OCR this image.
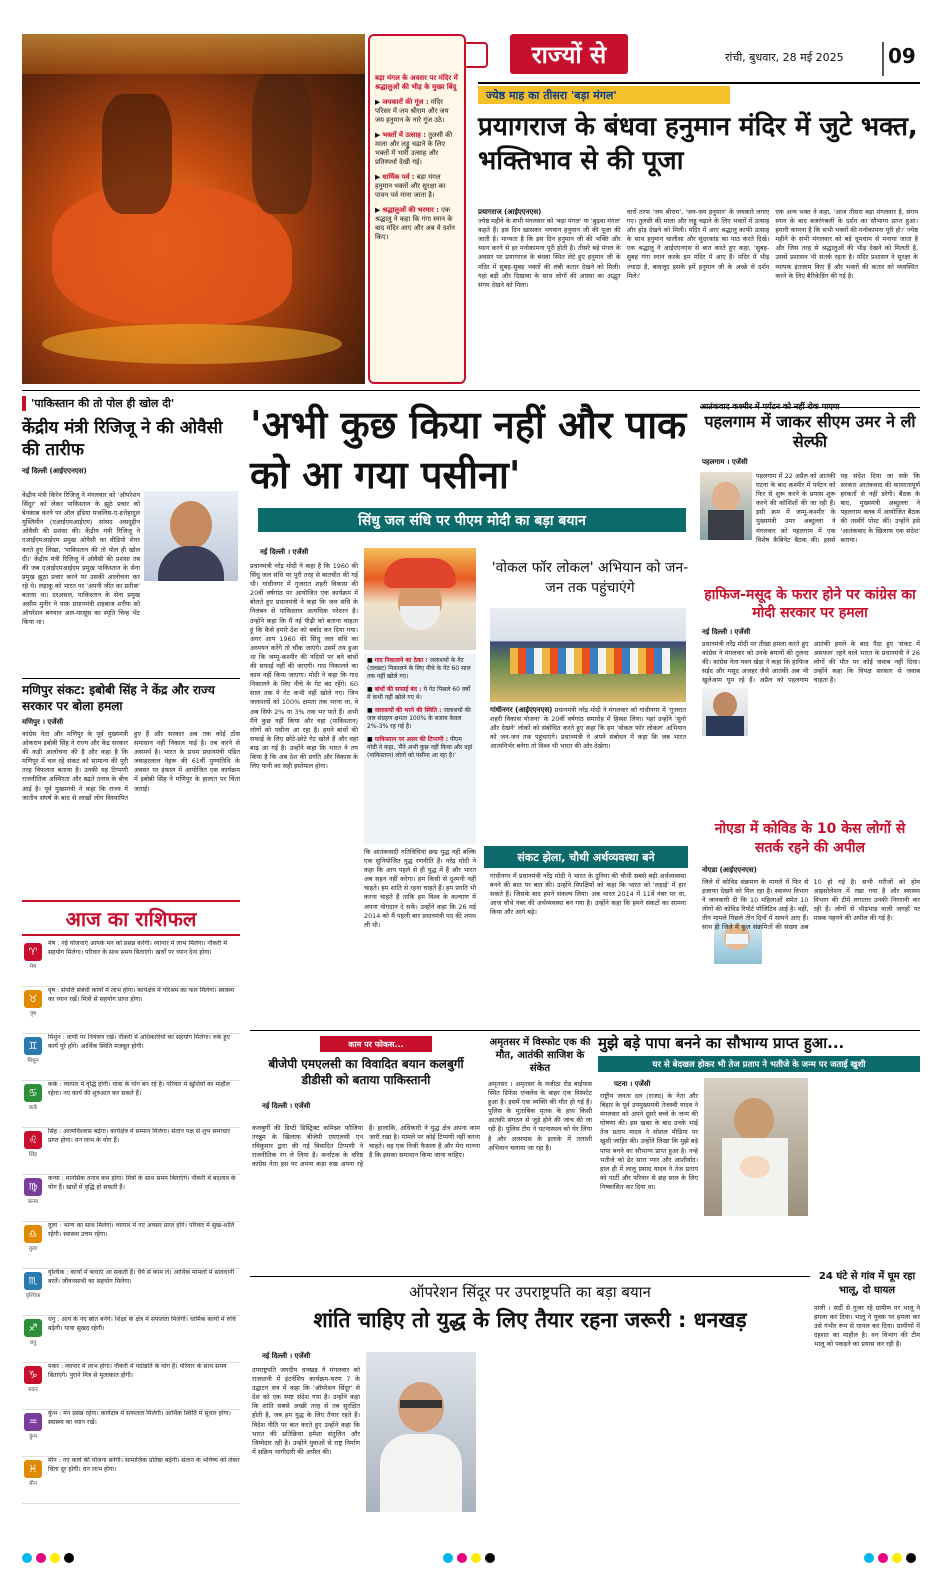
राज्यों से	रांची, बुधवार, 28 मई 2025 09
बड़ा मंगल के अवसर पर मंदिर में श्रद्धालुओं की भीड़ के मुख्य बिंदु
▶ जयकारों की गूंज : मंदिर परिसर में जय श्रीराम और जय जय हनुमान के नारे गूंज उठे।
▶ भक्तों में उत्साह : तुलसी की माला और लड्डू चढ़ाने के लिए भक्तों में भारी उत्साह और प्रतिस्पर्धा देखी गई।
▶ धार्मिक पर्व : बड़ा मंगल हनुमान भक्तों और सुरक्षा का पावन पर्व माना जाता है।
▶ श्रद्धालुओं की भरमार : एक श्रद्धालु ने कहा कि गंगा स्नान के बाद मंदिर आए और अब ये दर्शन किए।
ज्येष्ठ माह का तीसरा 'बड़ा मंगल'
प्रयागराज के बंधवा हनुमान मंदिर में जुटे भक्त, भक्तिभाव से की पूजा
प्रयागराज (आईएएनएस)
ज्येष्ठ महीने के सभी मंगलवार को 'बड़ा मंगल' या 'बुढ़वा मंगल' कहते हैं। इस दिन खासकर भगवान हनुमान जी की पूजा की जाती है। मान्यता है कि इस दिन हनुमान जी की भक्ति और ध्यान करने से हर मनोकामना पूरी होती है। तीसरे बड़े मंगल के अवसर पर प्रयागराज के बंधवा स्थित लेटे हुए हनुमान जी के मंदिर में सुबह-सुबह भक्तों की लंबी कतार देखने को मिली। यहां बड़ी और दिखावा के साथ लोगों की आस्था का अद्भुत संगम देखने को मिला।
चारों तरफ 'जय श्रीराम', 'जय-जय हनुमान' के जयकारे लगाए गए। तुलसी की माला और लड्डू चढ़ाने के लिए भक्तों में उत्साह और होड़ देखने को मिली। मंदिर में आए श्रद्धालु काफी उत्साह के साथ हनुमान चालीसा और सुंदरकांड का पाठ करते दिखे। एक श्रद्धालु ने आईएएनएस से बात करते हुए कहा, 'सुबह-सुबह गंगा स्नान करके हम मंदिर में आए हैं। मंदिर में भीड़ ज्यादा है, बावजूद इसके हमें हनुमान जी के अच्छे से दर्शन मिले।'
एक अन्य भक्त ने कहा, 'आज तीसरा बड़ा मंगलवार है, संगम स्नान के बाद बजरंगबली के दर्शन का सौभाग्य प्राप्त हुआ। हमारी कामना है कि सभी भक्तों की मनोकामना पूरी हो।' ज्येष्ठ महीने के सभी मंगलवार को बड़े धूमधाम से मनाया जाता है और जिस तरह से श्रद्धालुओं की भीड़ देखने को मिलती है, उससे प्रशासन भी सतर्क रहता है। मंदिर प्रशासन ने सुरक्षा के व्यापक इंतजाम किए हैं और भक्तों की कतार को व्यवस्थित करने के लिए बैरिकेडिंग की गई है।
'पाकिस्तान की तो पोल ही खोल दी'
केंद्रीय मंत्री रिजिजू ने की ओवैसी की तारीफ
नई दिल्ली (आईएएनएस)
केंद्रीय मंत्री किरेन रिजिजू ने मंगलवार को 'ऑपरेशन सिंदूर' को लेकर पाकिस्तान के झूठे प्रचार को बेनकाब करने पर ऑल इंडिया मजलिस-ए-इत्तेहादुल मुस्लिमीन (एआईएमआईएम) सांसद असदुद्दीन ओवैसी की प्रशंसा की। केंद्रीय मंत्री रिजिजू ने एआईएमआईएम प्रमुख ओवैसी का वीडियो शेयर करते हुए लिखा, 'पाकिस्तान की तो पोल ही खोल दी।' केंद्रीय मंत्री रिजिजू ने ओवैसी की प्रशंसा तब की जब एआईएमआईएम प्रमुख पाकिस्तान के सेना प्रमुख झूठा प्रचार करने पर उसकी आलोचना कर रहे थे। लड़ाकू को भारत पर 'अपनी जीत का प्रतीक' बताया था। दरअसल, पाकिस्तान के सेना प्रमुख असीम मुनीर ने पाक प्रधानमंत्री शहबाज शरीफ को ऑपरेशन बनयान अल-मरसूस का स्मृति चिन्ह भेंट किया था।
मणिपुर संकट: इबोबी सिंह ने केंद्र और राज्य सरकार पर बोला हमला
मणिपुर । एजेंसी
कांग्रेस नेता और मणिपुर के पूर्व मुख्यमंत्री ओकराम इबोबी सिंह ने राज्य और केंद्र सरकार की कड़ी आलोचना की है और कहा है कि मणिपुर में चल रहे संकट को सामान्य की पूरी तरह विफलता बताया है। उनकी यह टिप्पणी राजनीतिक अस्थिरता और बढ़ते तनाव के बीच आई है। पूर्व मुख्यमंत्री ने कहा कि राज्य में जातीय संघर्ष के बाद से लाखों लोग विस्थापित हुए हैं और सरकार अब तक कोई ठोस समाधान नहीं निकाल पाई है। तब करने से असमर्थ है। भारत के प्रथम प्रधानमंत्री पंडित जवाहरलाल नेहरू की 61वीं पुण्यतिथि के अवसर पर इंफाल में आयोजित एक कार्यक्रम में इबोबी सिंह ने मणिपुर के हालात पर चिंता जताई।
'अभी कुछ किया नहीं और पाक को आ गया पसीना'
सिंधु जल संधि पर पीएम मोदी का बड़ा बयान
नई दिल्ली । एजेंसी
प्रधानमंत्री नरेंद्र मोदी ने कहा है कि 1960 की सिंधु जल संधि पर पूरी तरह से बातचीत की गई थी। गांधीनगर में गुजरात शहरी विकास की 20वीं वर्षगांठ पर आयोजित एक कार्यक्रम में बोलते हुए प्रधानमंत्री ने कहा कि जल संधि के निलंबन से पाकिस्तान अत्यधिक परेशान है। उन्होंने कहा कि मैं नई पीढ़ी को बताना चाहता हूं कि कैसे हमारे देश को बर्बाद कर दिया गया। अगर आप 1960 की सिंधु जल संधि का अध्ययन करेंगे तो चौंक जाएंगे। उसमें तय हुआ था कि जम्मू-कश्मीर की नदियों पर बने बांधों की सफाई नहीं की जाएगी। गाद निकालने का काम नहीं किया जाएगा। मोदी ने कहा कि गाद निकालने के लिए नीचे के गेट बंद रहेंगे। 60 साल तक ये गेट कभी नहीं खोले गए। जिन जलाशयों को 100% क्षमता तक भरना था, वे अब सिर्फ 2% या 3% तक भर पाते हैं। अभी मैंने कुछ नहीं किया और वहां (पाकिस्तान) लोगों को पसीना आ रहा है। हमने बांधों की सफाई के लिए छोटे-छोटे गेट खोले हैं और वहां बाढ़ आ गई है। उन्होंने कहा कि भारत ने तय किया है कि अब देश की प्रगति और विकास के लिए पानी का सही इस्तेमाल होगा।
■ गाद निकालने का ठेका : जलाशयों के गेट (तलछट) निकालने के लिए नीचे के गेट 60 साल तक नहीं खोले गए।
■ बांधों की सफाई बंद : ये गेट पिछले 60 वर्षों में कभी नहीं खोले गए थे।
■ जलाशयों की भरने की स्थिति : जलाशयों की जल संग्रहण क्षमता 100% के बजाय केवल 2%-3% रह गई है।
■ पाकिस्तान पर असर की टिप्पणी : पीएम मोदी ने कहा, 'मैंने अभी कुछ नहीं किया और वहां (पाकिस्तान) लोगों को पसीना आ रहा है।'
कि आतंकवादी गतिविधियां छद्म युद्ध नहीं बल्कि एक सुनियोजित युद्ध रणनीति हैं। नरेंद्र मोदी ने कहा कि आप पहले से ही युद्ध में हैं और भारत अब सहन नहीं करेगा। हम किसी से दुश्मनी नहीं चाहते। हम शांति से रहना चाहते हैं। हम प्रगति भी करना चाहते हैं ताकि हम विश्व के कल्याण में अपना योगदान दे सकें। उन्होंने कहा कि 26 मई 2014 को मैं पहली बार प्रधानमंत्री पद की शपथ ली थी।
'वोकल फॉर लोकल' अभियान को जन-जन तक पहुंचाएंगे
गांधीनगर (आईएएनएस) प्रधानमंत्री नरेंद्र मोदी ने मंगलवार को गांधीनगर में 'गुजरात शहरी विकास योजना' के 20वीं वर्षगांठ समारोह में हिस्सा लिया। यहां उन्होंने 'सुनो और देखने' लोकों को संबोधित करते हुए कहा कि हम 'वोकल फॉर लोकल' अभियान को जन-जन तक पहुंचाएंगे। प्रधानमंत्री ने अपने संबोधन में कहा कि जब भारत आत्मनिर्भर बनेगा तो विश्व भी भारत की ओर देखेगा।
संकट झेला, चौथी अर्थव्यवस्था बने
गांधीनगर में प्रधानमंत्री नरेंद्र मोदी ने भारत के दुनिया की चौथी सबसे बड़ी अर्थव्यवस्था बनने की बात पर बात की। उन्होंने विपक्षियों को कहा कि भारत को 'लड़ाई' में हार सकते हैं। जिसके बाद हमने संकल्प लिया। अब भारत 2014 में 11वें नंबर पर था, आज चौथे नंबर की अर्थव्यवस्था बन गया है। उन्होंने कहा कि हमने संकटों का सामना किया और आगे बढ़े।
आतंकवाद कश्मीर में पर्यटन को नहीं रोक पाएगा
पहलगाम में जाकर सीएम उमर ने ली सेल्फी
पहलगाम । एजेंसी
पहलगाम में 22 अप्रैल को आतंकी घटना के बाद कश्मीर में पर्यटन को फिर से शुरू करने के प्रयास शुरू करने की कोशिशों की जा रही हैं। इसी क्रम में जम्मू-कश्मीर के मुख्यमंत्री उमर अब्दुल्ला ने मंगलवार को पहलगाम में एक विशेष कैबिनेट बैठक की। इससे यह संदेश दिया जा सके कि सरकार आतंकवाद की कायरतापूर्ण हरकतों से नहीं डरेगी। बैठक के बाद, मुख्यमंत्री अब्दुल्ला ने पहलगाम क्लब में आयोजित बैठक की तस्वीरें पोस्ट कीं। उन्होंने इसे 'आतंकवाद के खिलाफ एक संदेश' बताया।
हाफिज-मसूद के फरार होने पर कांग्रेस का मोदी सरकार पर हमला
नई दिल्ली । एजेंसी
प्रधानमंत्री नरेंद्र मोदी पर तीखा हमला करते हुए कांग्रेस ने मंगलवार को उनके बयानों की तुलना की। कांग्रेस नेता पवन खेड़ा ने कहा कि हाफिज सईद और मसूद अजहर जैसे आतंकी अब भी खुलेआम घूम रहे हैं। अप्रैल को पहलगाम आतंकी हमले के बाद पैदा हुए 'संकट में असफल' रहने वाले भारत के प्रधानमंत्री ने 26 लोगों की मौत पर कोई जवाब नहीं दिया। उन्होंने कहा कि विपक्ष सरकार से जवाब चाहता है।
नोएडा में कोविड के 10 केस लोगों से सतर्क रहने की अपील
नोएडा (आईएएनएस)
जिले में कोविड संक्रमण के मामले में फिर से इजाफा देखने को मिल रहा है। स्वास्थ्य विभाग ने जानकारी दी कि 10 महिलाओं समेत 10 लोगों की कोविड रिपोर्ट पॉजिटिव आई है। वहीं, तीन मामले पिछले तीन दिनों में सामने आए हैं। साथ ही जिले में कुल संक्रमितों की संख्या अब 10 हो गई है। सभी मरीजों को होम आइसोलेशन में रखा गया है और स्वास्थ्य विभाग की टीमें लगातार उनकी निगरानी कर रही हैं। लोगों से भीड़भाड़ वाली जगहों पर मास्क पहनने की अपील की गई है।
आज का राशिफल
♈
मेष
मेष : नई योजनाएं आपके मन को प्रसन्न करेंगी। व्यापार में लाभ मिलेगा। नौकरी में सहयोग मिलेगा। परिवार के साथ समय बिताएंगे। खर्चों पर ध्यान देना होगा।
♉
वृष
वृष : संपत्ति संबंधी कार्यों में लाभ होगा। कार्यक्षेत्र में परिश्रम का फल मिलेगा। स्वास्थ्य का ध्यान रखें। मित्रों से सहयोग प्राप्त होगा।
♊
मिथुन
मिथुन : वाणी पर नियंत्रण रखें। नौकरी में अधिकारियों का सहयोग मिलेगा। रुके हुए कार्य पूरे होंगे। आर्थिक स्थिति मजबूत होगी।
♋
कर्क
कर्क : व्यापार में वृद्धि होगी। यात्रा के योग बन रहे हैं। परिवार में खुशियों का माहौल रहेगा। नए कार्य की शुरुआत कर सकते हैं।
♌
सिंह
सिंह : आत्मविश्वास बढ़ेगा। कार्यक्षेत्र में सम्मान मिलेगा। संतान पक्ष से शुभ समाचार प्राप्त होगा। धन लाभ के योग हैं।
♍
कन्या
कन्या : मानसिक तनाव कम होगा। मित्रों के साथ समय बिताएंगे। नौकरी में बदलाव के योग हैं। खर्चों में वृद्धि हो सकती है।
♎
तुला
तुला : भाग्य का साथ मिलेगा। व्यापार में नए अवसर प्राप्त होंगे। परिवार में सुख-शांति रहेगी। स्वास्थ्य उत्तम रहेगा।
♏
वृश्चिक
वृश्चिक : कार्यों में बाधाएं आ सकती हैं। धैर्य से काम लें। आर्थिक मामलों में सावधानी बरतें। जीवनसाथी का सहयोग मिलेगा।
♐
धनु
धनु : आय के नए स्रोत बनेंगे। शिक्षा के क्षेत्र में सफलता मिलेगी। धार्मिक कार्यों में रुचि बढ़ेगी। यात्रा सुखद रहेगी।
♑
मकर
मकर : व्यापार में लाभ होगा। नौकरी में पदोन्नति के योग हैं। परिवार के साथ समय बिताएंगे। पुराने मित्र से मुलाकात होगी।
♒
कुंभ
कुंभ : मन प्रसन्न रहेगा। कार्यक्षेत्र में सफलता मिलेगी। आर्थिक स्थिति में सुधार होगा। स्वास्थ्य का ध्यान रखें।
♓
मीन
मीन : नए कार्य की योजना बनेगी। सामाजिक प्रतिष्ठा बढ़ेगी। संतान के भविष्य को लेकर चिंता दूर होगी। धन लाभ होगा।
काम पर फोकस...
बीजेपी एमएलसी का विवादित बयान कलबुर्गी डीडीसी को बताया पाकिस्तानी
नई दिल्ली । एजेंसी
कलबुर्गी की डिप्टी डिस्ट्रिक्ट कमिश्नर फौजिया तरन्नुम के खिलाफ बीजेपी एमएलसी एन रविकुमार द्वारा की गई विवादित टिप्पणी ने राजनीतिक रंग ले लिया है। कर्नाटक के वरिष्ठ कांग्रेस नेता इस पर अपना कड़ा रुख अपना रहे हैं। हालांकि, अधिकारी ने युद्ध क्षेत्र अपना काम जारी रखा है। मामले पर कोई टिप्पणी नहीं करना चाहते। वह एक निजी फैसला है और मेरा मानना है कि इसका समाधान किया जाना चाहिए।
अमृतसर में विस्फोट एक की मौत, आतंकी साजिश के संकेत
अमृतसर । अमृतसर के मजीठा रोड बाईपास स्थित डिफेंस एन्क्लेव के बाहर एक विस्फोट हुआ है। इसमें एक व्यक्ति की मौत हो गई है। पुलिस के मुताबिक मृतक के हाथ किसी आतंकी संगठन से जुड़े होने की जांच की जा रही है। पुलिस टीम ने घटनास्थल को घेर लिया है और आसपास के इलाके में तलाशी अभियान चलाया जा रहा है।
मुझे बड़े पापा बनने का सौभाग्य प्राप्त हुआ...
घर से बेदखल होकर भी तेज प्रताप ने भतीजे के जन्म पर जताई खुशी
पटना । एजेंसी
राष्ट्रीय जनता दल (राजद) के नेता और बिहार के पूर्व उपमुख्यमंत्री तेजस्वी यादव ने मंगलवार को अपने दूसरे बच्चे के जन्म की घोषणा की। इस खबर के बाद उनके भाई तेज प्रताप यादव ने सोशल मीडिया पर खुशी जाहिर की। उन्होंने लिखा कि मुझे बड़े पापा बनने का सौभाग्य प्राप्त हुआ है। नन्हे भतीजे को ढेर सारा प्यार और आशीर्वाद। हाल ही में लालू प्रसाद यादव ने तेज प्रताप को पार्टी और परिवार से छह साल के लिए निष्कासित कर दिया था।
24 घंटे से गांव में घूम रहा भालू, दो घायल
पाली । सर्दी से गुजर रहे ग्रामीण पर भालू ने हमला कर दिया। भालू ने युवक पर हमला कर उसे गंभीर रूप से घायल कर दिया। ग्रामीणों में दहशत का माहौल है। वन विभाग की टीम भालू को पकड़ने का प्रयास कर रही है।
ऑपरेशन सिंदूर पर उपराष्ट्रपति का बड़ा बयान
शांति चाहिए तो युद्ध के लिए तैयार रहना जरूरी : धनखड़
नई दिल्ली । एजेंसी
उपराष्ट्रपति जगदीप धनखड़ ने मंगलवार को राजधानी में इंटर्नशिप कार्यक्रम-चरण 7 के उद्घाटन सत्र में कहा कि 'ऑपरेशन सिंदूर' से देश को एक स्पष्ट संदेश गया है। उन्होंने कहा कि शांति सबसे अच्छी तरह से तब सुरक्षित होती है, जब हम युद्ध के लिए तैयार रहते हैं। विदेश नीति पर बात करते हुए उन्होंने कहा कि भारत की प्रतिक्रिया हमेशा संतुलित और जिम्मेदार रही है। उन्होंने युवाओं से राष्ट्र निर्माण में सक्रिय भागीदारी की अपील की।
